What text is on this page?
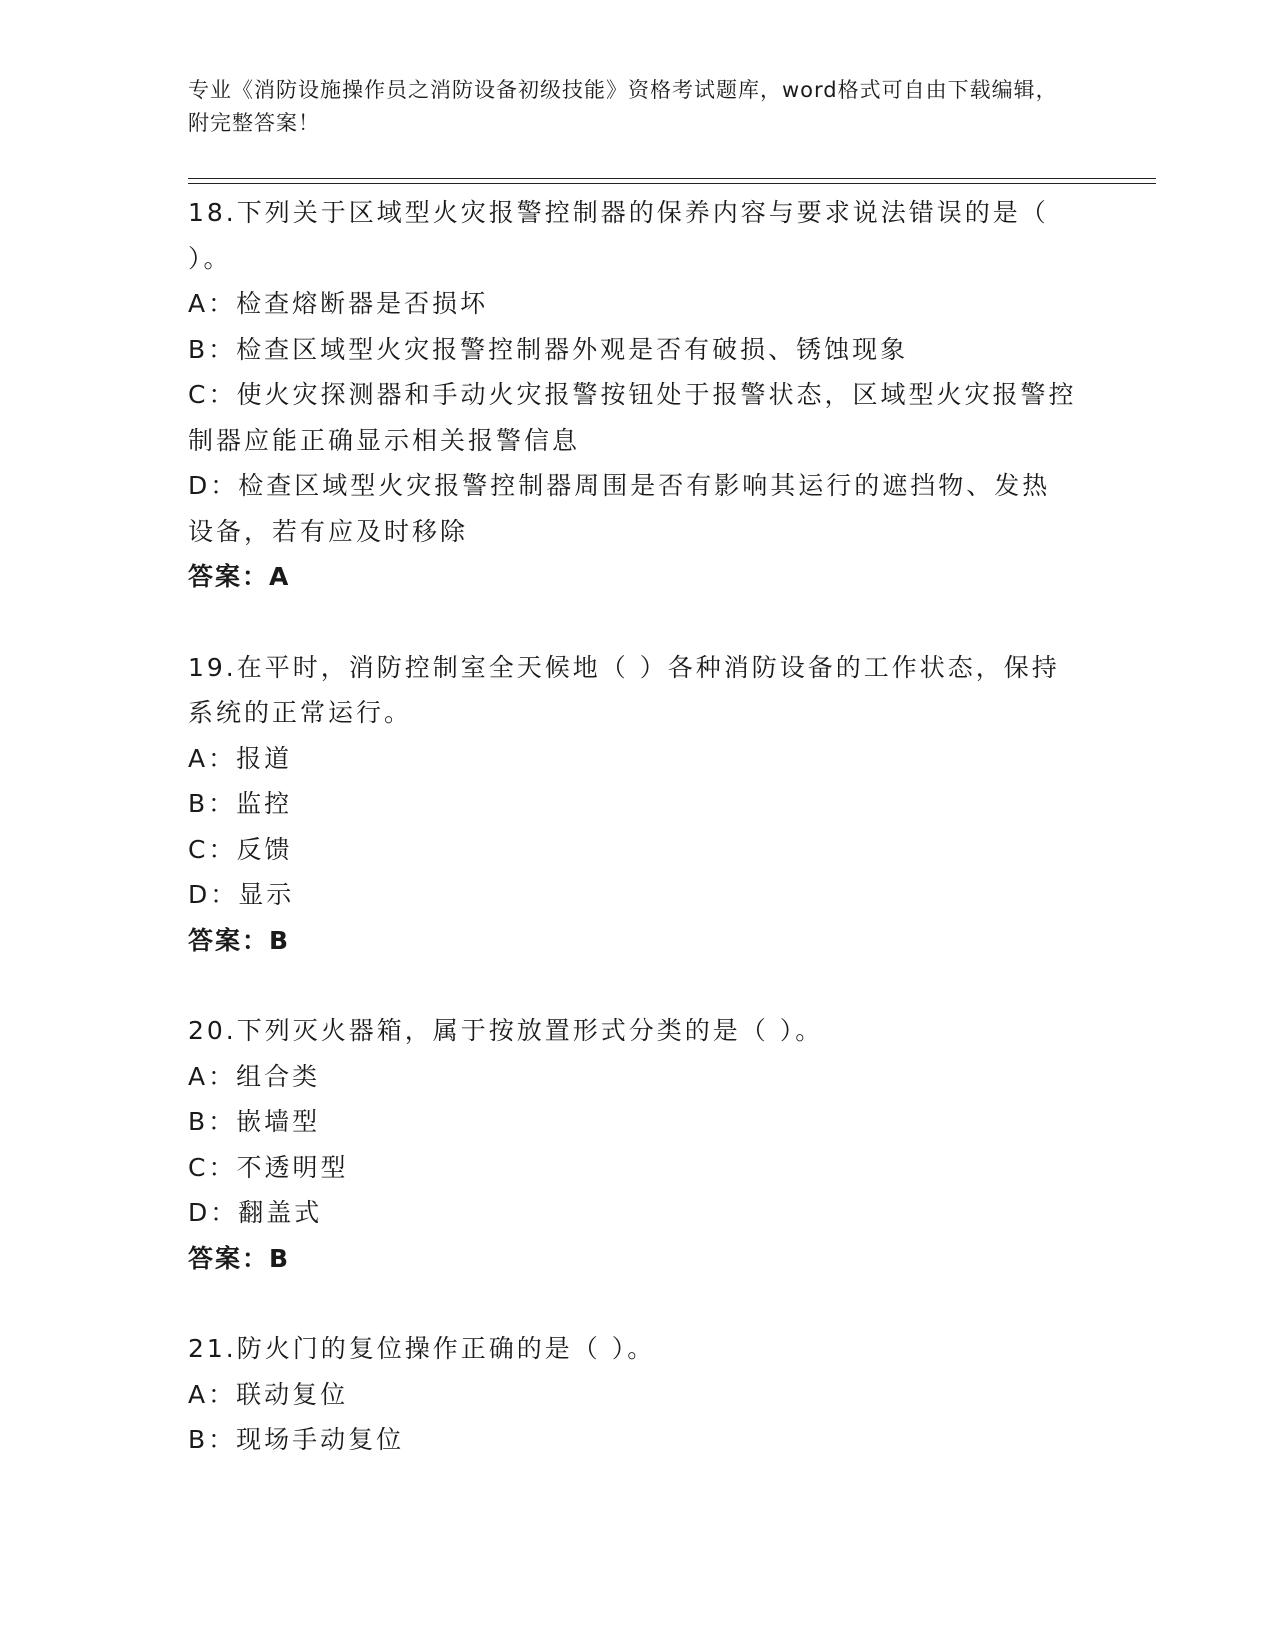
专业《消防设施操作员之消防设备初级技能》资格考试题库，word格式可自由下载编辑，附完整答案！

18.下列关于区域型火灾报警控制器的保养内容与要求说法错误的是（ ）。

A：检查熔断器是否损坏

B：检查区域型火灾报警控制器外观是否有破损、锈蚀现象

C：使火灾探测器和手动火灾报警按钮处于报警状态，区域型火灾报警控制器应能正确显示相关报警信息

D：检查区域型火灾报警控制器周围是否有影响其运行的遮挡物、发热设备，若有应及时移除

答案：A

19.在平时，消防控制室全天候地（ ）各种消防设备的工作状态，保持系统的正常运行。

A：报道

B：监控

C：反馈

D：显示

答案：B

20.下列灭火器箱，属于按放置形式分类的是（ ）。

A：组合类

B：嵌墙型

C：不透明型

D：翻盖式

答案：B

21.防火门的复位操作正确的是（ ）。

A：联动复位

B：现场手动复位
